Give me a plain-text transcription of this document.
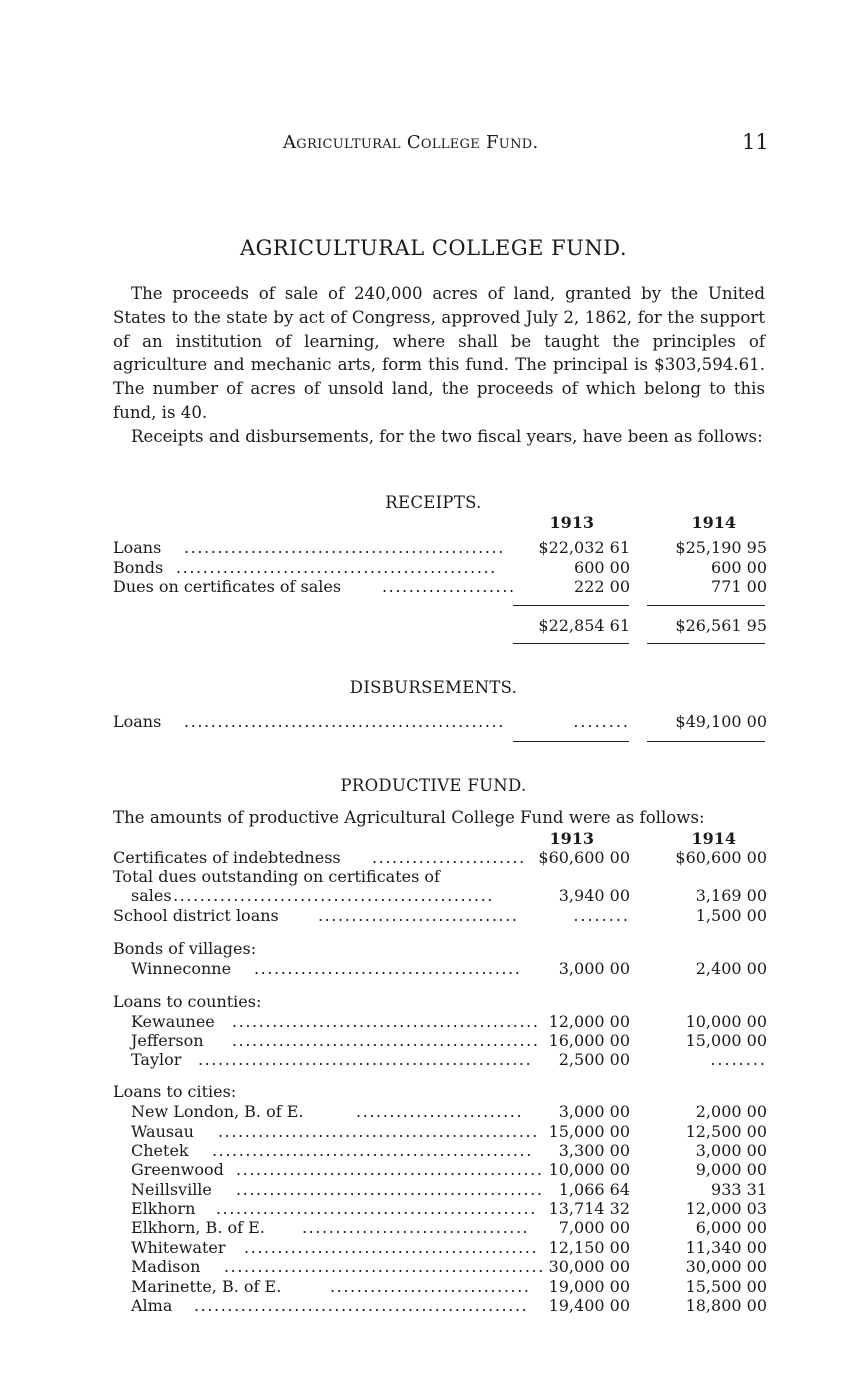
Agricultural College Fund.	11
AGRICULTURAL COLLEGE FUND.
The proceeds of sale of 240,000 acres of land, granted by the United States to the state by act of Congress, approved July 2, 1862, for the support of an institution of learning, where shall be taught the principles of agriculture and mechanic arts, form this fund. The principal is $303,594.61. The number of acres of unsold land, the proceeds of which belong to this fund, is 40.
Receipts and disbursements, for the two fiscal years, have been as follows:
RECEIPTS.
1913	1914
Loans ................................................ $22,032 61	$25,190 95
Bonds ................................................	600 00	600 00
Dues on certificates of sales	....................	222 00	771 00
$22,854 61	$26,561 95
DISBURSEMENTS.
Loans ................................................	........	$49,100 00
PRODUCTIVE FUND.
The amounts of productive Agricultural College Fund were as follows:
1913	1914
Certificates of indebtedness ....................... $60,600 00	$60,600 00
Total dues outstanding on certificates of
sales ................................................	3,940 00	3,169 00
School district loans ..............................	........	1,500 00
Bonds of villages:
Winneconne ........................................ 3,000 00	2,400 00
Loans to counties:
Kewaunee .............................................. 12,000 00	10,000 00
Jefferson .............................................. 16,000 00	15,000 00
Taylor .................................................. 2,500 00	........
Loans to cities:
New London, B. of E.	......................... 3,000 00	2,000 00
Wausau ................................................ 15,000 00	12,500 00
Chetek ................................................ 3,300 00	3,000 00
Greenwood .............................................. 10,000 00	9,000 00
Neillsville .............................................. 1,066 64	933 31
Elkhorn ................................................ 13,714 32	12,000 03
Elkhorn, B. of E. .................................. 7,000 00	6,000 00
Whitewater ............................................ 12,150 00	11,340 00
Madison ................................................ 30,000 00	30,000 00
Marinette, B. of E.	.............................. 19,000 00	15,500 00
Alma .................................................. 19,400 00	18,800 00
